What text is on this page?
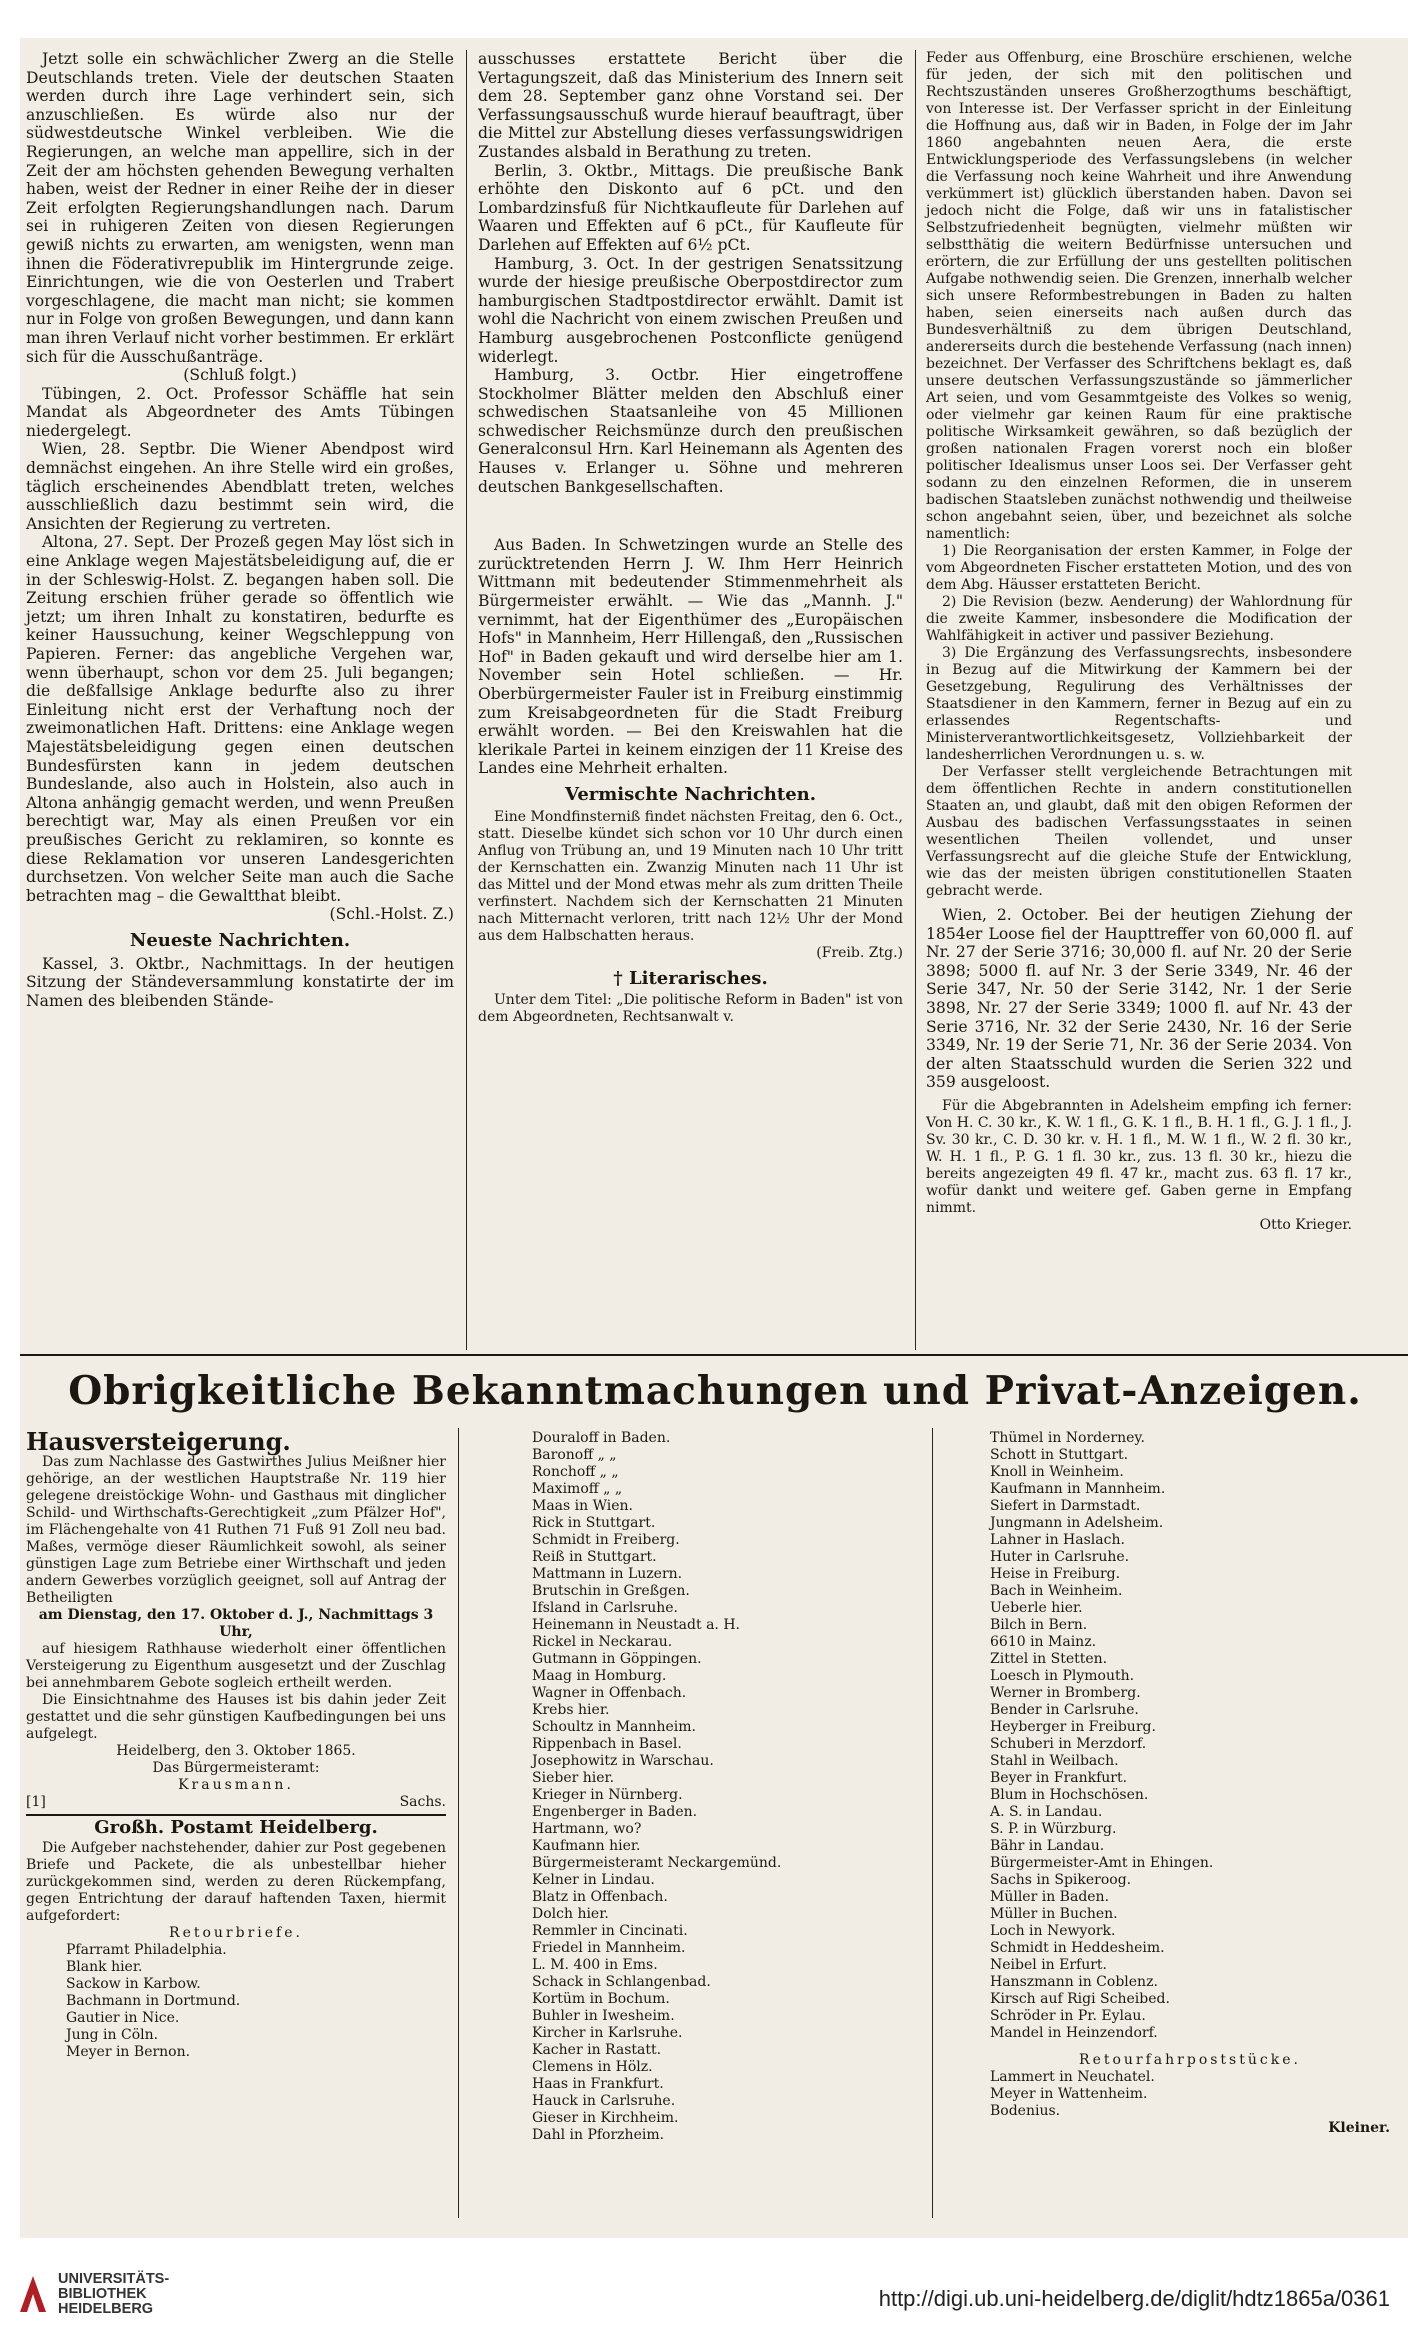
Jetzt solle ein schwächlicher Zwerg an die Stelle Deutschlands treten. Viele der deutschen Staaten werden durch ihre Lage verhindert sein, sich anzuschließen. Es würde also nur der südwestdeutsche Winkel verbleiben. Wie die Regierungen, an welche man appellire, sich in der Zeit der am höchsten gehenden Bewegung verhalten haben, weist der Redner in einer Reihe der in dieser Zeit erfolgten Regierungshandlungen nach. Darum sei in ruhigeren Zeiten von diesen Regierungen gewiß nichts zu erwarten, am wenigsten, wenn man ihnen die Föderativrepublik im Hintergrunde zeige. Einrichtungen, wie die von Oesterlen und Trabert vorgeschlagene, die macht man nicht; sie kommen nur in Folge von großen Bewegungen, und dann kann man ihren Verlauf nicht vorher bestimmen. Er erklärt sich für die Ausschußanträge.

(Schluß folgt.)

Tübingen, 2. Oct. Professor Schäffle hat sein Mandat als Abgeordneter des Amts Tübingen niedergelegt.

Wien, 28. Septbr. Die Wiener Abendpost wird demnächst eingehen. An ihre Stelle wird ein großes, täglich erscheinendes Abendblatt treten, welches ausschließlich dazu bestimmt sein wird, die Ansichten der Regierung zu vertreten.

Altona, 27. Sept. Der Prozeß gegen May löst sich in eine Anklage wegen Majestätsbeleidigung auf, die er in der Schleswig-Holst. Z. begangen haben soll. Die Zeitung erschien früher gerade so öffentlich wie jetzt; um ihren Inhalt zu konstatiren, bedurfte es keiner Haussuchung, keiner Wegschleppung von Papieren. Ferner: das angebliche Vergehen war, wenn überhaupt, schon vor dem 25. Juli begangen; die deßfallsige Anklage bedurfte also zu ihrer Einleitung nicht erst der Verhaftung noch der zweimonatlichen Haft. Drittens: eine Anklage wegen Majestätsbeleidigung gegen einen deutschen Bundesfürsten kann in jedem deutschen Bundeslande, also auch in Holstein, also auch in Altona anhängig gemacht werden, und wenn Preußen berechtigt war, May als einen Preußen vor ein preußisches Gericht zu reklamiren, so konnte es diese Reklamation vor unseren Landesgerichten durchsetzen. Von welcher Seite man auch die Sache betrachten mag – die Gewaltthat bleibt.

(Schl.-Holst. Z.)
Neueste Nachrichten.

Kassel, 3. Oktbr., Nachmittags. In der heutigen Sitzung der Ständeversammlung konstatirte der im Namen des bleibenden Stände-

ausschusses erstattete Bericht über die Vertagungszeit, daß das Ministerium des Innern seit dem 28. September ganz ohne Vorstand sei. Der Verfassungsausschuß wurde hierauf beauftragt, über die Mittel zur Abstellung dieses verfassungswidrigen Zustandes alsbald in Berathung zu treten.

Berlin, 3. Oktbr., Mittags. Die preußische Bank erhöhte den Diskonto auf 6 pCt. und den Lombardzinsfuß für Nichtkaufleute für Darlehen auf Waaren und Effekten auf 6 pCt., für Kaufleute für Darlehen auf Effekten auf 6½ pCt.

Hamburg, 3. Oct. In der gestrigen Senatssitzung wurde der hiesige preußische Oberpostdirector zum hamburgischen Stadtpostdirector erwählt. Damit ist wohl die Nachricht von einem zwischen Preußen und Hamburg ausgebrochenen Postconflicte genügend widerlegt.

Hamburg, 3. Octbr. Hier eingetroffene Stockholmer Blätter melden den Abschluß einer schwedischen Staatsanleihe von 45 Millionen schwedischer Reichsmünze durch den preußischen Generalconsul Hrn. Karl Heinemann als Agenten des Hauses v. Erlanger u. Söhne und mehreren deutschen Bankgesellschaften.

Aus Baden. In Schwetzingen wurde an Stelle des zurücktretenden Herrn J. W. Ihm Herr Heinrich Wittmann mit bedeutender Stimmenmehrheit als Bürgermeister erwählt. — Wie das „Mannh. J." vernimmt, hat der Eigenthümer des „Europäischen Hofs" in Mannheim, Herr Hillengaß, den „Russischen Hof" in Baden gekauft und wird derselbe hier am 1. November sein Hotel schließen. — Hr. Oberbürgermeister Fauler ist in Freiburg einstimmig zum Kreisabgeordneten für die Stadt Freiburg erwählt worden. — Bei den Kreiswahlen hat die klerikale Partei in keinem einzigen der 11 Kreise des Landes eine Mehrheit erhalten.

Vermischte Nachrichten.

Eine Mondfinsterniß findet nächsten Freitag, den 6. Oct., statt. Dieselbe kündet sich schon vor 10 Uhr durch einen Anflug von Trübung an, und 19 Minuten nach 10 Uhr tritt der Kernschatten ein. Zwanzig Minuten nach 11 Uhr ist das Mittel und der Mond etwas mehr als zum dritten Theile verfinstert. Nachdem sich der Kernschatten 21 Minuten nach Mitternacht verloren, tritt nach 12½ Uhr der Mond aus dem Halbschatten heraus.

(Freib. Ztg.)
† Literarisches.

Unter dem Titel: „Die politische Reform in Baden" ist von dem Abgeordneten, Rechtsanwalt v.

Feder aus Offenburg, eine Broschüre erschienen, welche für jeden, der sich mit den politischen und Rechtszuständen unseres Großherzogthums beschäftigt, von Interesse ist. Der Verfasser spricht in der Einleitung die Hoffnung aus, daß wir in Baden, in Folge der im Jahr 1860 angebahnten neuen Aera, die erste Entwicklungsperiode des Verfassungslebens (in welcher die Verfassung noch keine Wahrheit und ihre Anwendung verkümmert ist) glücklich überstanden haben. Davon sei jedoch nicht die Folge, daß wir uns in fatalistischer Selbstzufriedenheit begnügten, vielmehr müßten wir selbstthätig die weitern Bedürfnisse untersuchen und erörtern, die zur Erfüllung der uns gestellten politischen Aufgabe nothwendig seien. Die Grenzen, innerhalb welcher sich unsere Reformbestrebungen in Baden zu halten haben, seien einerseits nach außen durch das Bundesverhältniß zu dem übrigen Deutschland, andererseits durch die bestehende Verfassung (nach innen) bezeichnet. Der Verfasser des Schriftchens beklagt es, daß unsere deutschen Verfassungszustände so jämmerlicher Art seien, und vom Gesammtgeiste des Volkes so wenig, oder vielmehr gar keinen Raum für eine praktische politische Wirksamkeit gewähren, so daß bezüglich der großen nationalen Fragen vorerst noch ein bloßer politischer Idealismus unser Loos sei. Der Verfasser geht sodann zu den einzelnen Reformen, die in unserem badischen Staatsleben zunächst nothwendig und theilweise schon angebahnt seien, über, und bezeichnet als solche namentlich:

1) Die Reorganisation der ersten Kammer, in Folge der vom Abgeordneten Fischer erstatteten Motion, und des von dem Abg. Häusser erstatteten Bericht.

2) Die Revision (bezw. Aenderung) der Wahlordnung für die zweite Kammer, insbesondere die Modification der Wahlfähigkeit in activer und passiver Beziehung.

3) Die Ergänzung des Verfassungsrechts, insbesondere in Bezug auf die Mitwirkung der Kammern bei der Gesetzgebung, Regulirung des Verhältnisses der Staatsdiener in den Kammern, ferner in Bezug auf ein zu erlassendes Regentschafts- und Ministerverantwortlichkeitsgesetz, Vollziehbarkeit der landesherrlichen Verordnungen u. s. w.

Der Verfasser stellt vergleichende Betrachtungen mit dem öffentlichen Rechte in andern constitutionellen Staaten an, und glaubt, daß mit den obigen Reformen der Ausbau des badischen Verfassungsstaates in seinen wesentlichen Theilen vollendet, und unser Verfassungsrecht auf die gleiche Stufe der Entwicklung, wie das der meisten übrigen constitutionellen Staaten gebracht werde.

Wien, 2. October. Bei der heutigen Ziehung der 1854er Loose fiel der Haupttreffer von 60,000 fl. auf Nr. 27 der Serie 3716; 30,000 fl. auf Nr. 20 der Serie 3898; 5000 fl. auf Nr. 3 der Serie 3349, Nr. 46 der Serie 347, Nr. 50 der Serie 3142, Nr. 1 der Serie 3898, Nr. 27 der Serie 3349; 1000 fl. auf Nr. 43 der Serie 3716, Nr. 32 der Serie 2430, Nr. 16 der Serie 3349, Nr. 19 der Serie 71, Nr. 36 der Serie 2034. Von der alten Staatsschuld wurden die Serien 322 und 359 ausgeloost.

Für die Abgebrannten in Adelsheim empfing ich ferner: Von H. C. 30 kr., K. W. 1 fl., G. K. 1 fl., B. H. 1 fl., G. J. 1 fl., J. Sv. 30 kr., C. D. 30 kr. v. H. 1 fl., M. W. 1 fl., W. 2 fl. 30 kr., W. H. 1 fl., P. G. 1 fl. 30 kr., zus. 13 fl. 30 kr., hiezu die bereits angezeigten 49 fl. 47 kr., macht zus. 63 fl. 17 kr., wofür dankt und weitere gef. Gaben gerne in Empfang nimmt.

Otto Krieger.
Obrigkeitliche Bekanntmachungen und Privat-Anzeigen.
Hausversteigerung.

Das zum Nachlasse des Gastwirthes Julius Meißner hier gehörige, an der westlichen Hauptstraße Nr. 119 hier gelegene dreistöckige Wohn- und Gasthaus mit dinglicher Schild- und Wirthschafts-Gerechtigkeit „zum Pfälzer Hof", im Flächengehalte von 41 Ruthen 71 Fuß 91 Zoll neu bad. Maßes, vermöge dieser Räumlichkeit sowohl, als seiner günstigen Lage zum Betriebe einer Wirthschaft und jeden andern Gewerbes vorzüglich geeignet, soll auf Antrag der Betheiligten

am Dienstag, den 17. Oktober d. J., Nachmittags 3 Uhr,

auf hiesigem Rathhause wiederholt einer öffentlichen Versteigerung zu Eigenthum ausgesetzt und der Zuschlag bei annehmbarem Gebote sogleich ertheilt werden.

Die Einsichtnahme des Hauses ist bis dahin jeder Zeit gestattet und die sehr günstigen Kaufbedingungen bei uns aufgelegt.

Heidelberg, den 3. Oktober 1865.
Das Bürgermeisteramt:
Krausmann.
[1]	Sachs.
Großh. Postamt Heidelberg.

Die Aufgeber nachstehender, dahier zur Post gegebenen Briefe und Packete, die als unbestellbar hieher zurückgekommen sind, werden zu deren Rückempfang, gegen Entrichtung der darauf haftenden Taxen, hiermit aufgefordert:

Retourbriefe.
Pfarramt Philadelphia.
Blank hier.
Sackow in Karbow.
Bachmann in Dortmund.
Gautier in Nice.
Jung in Cöln.
Meyer in Bernon.
Douraloff in Baden.
Baronoff „ „
Ronchoff „ „
Maximoff „ „
Maas in Wien.
Rick in Stuttgart.
Schmidt in Freiberg.
Reiß in Stuttgart.
Mattmann in Luzern.
Brutschin in Greßgen.
Ifsland in Carlsruhe.
Heinemann in Neustadt a. H.
Rickel in Neckarau.
Gutmann in Göppingen.
Maag in Homburg.
Wagner in Offenbach.
Krebs hier.
Schoultz in Mannheim.
Rippenbach in Basel.
Josephowitz in Warschau.
Sieber hier.
Krieger in Nürnberg.
Engenberger in Baden.
Hartmann, wo?
Kaufmann hier.
Bürgermeisteramt Neckargemünd.
Kelner in Lindau.
Blatz in Offenbach.
Dolch hier.
Remmler in Cincinati.
Friedel in Mannheim.
L. M. 400 in Ems.
Schack in Schlangenbad.
Kortüm in Bochum.
Buhler in Iwesheim.
Kircher in Karlsruhe.
Kacher in Rastatt.
Clemens in Hölz.
Haas in Frankfurt.
Hauck in Carlsruhe.
Gieser in Kirchheim.
Dahl in Pforzheim.
Thümel in Norderney.
Schott in Stuttgart.
Knoll in Weinheim.
Kaufmann in Mannheim.
Siefert in Darmstadt.
Jungmann in Adelsheim.
Lahner in Haslach.
Huter in Carlsruhe.
Heise in Freiburg.
Bach in Weinheim.
Ueberle hier.
Bilch in Bern.
6610 in Mainz.
Zittel in Stetten.
Loesch in Plymouth.
Werner in Bromberg.
Bender in Carlsruhe.
Heyberger in Freiburg.
Schuberi in Merzdorf.
Stahl in Weilbach.
Beyer in Frankfurt.
Blum in Hochschösen.
A. S. in Landau.
S. P. in Würzburg.
Bähr in Landau.
Bürgermeister-Amt in Ehingen.
Sachs in Spikeroog.
Müller in Baden.
Müller in Buchen.
Loch in Newyork.
Schmidt in Heddesheim.
Neibel in Erfurt.
Hanszmann in Coblenz.
Kirsch auf Rigi Scheibed.
Schröder in Pr. Eylau.
Mandel in Heinzendorf.
Retourfahrpoststücke.
Lammert in Neuchatel.
Meyer in Wattenheim.
Bodenius.
Kleiner.
UNIVERSITÄTS-
BIBLIOTHEK
HEIDELBERG	http://digi.ub.uni-heidelberg.de/diglit/hdtz1865a/0361
